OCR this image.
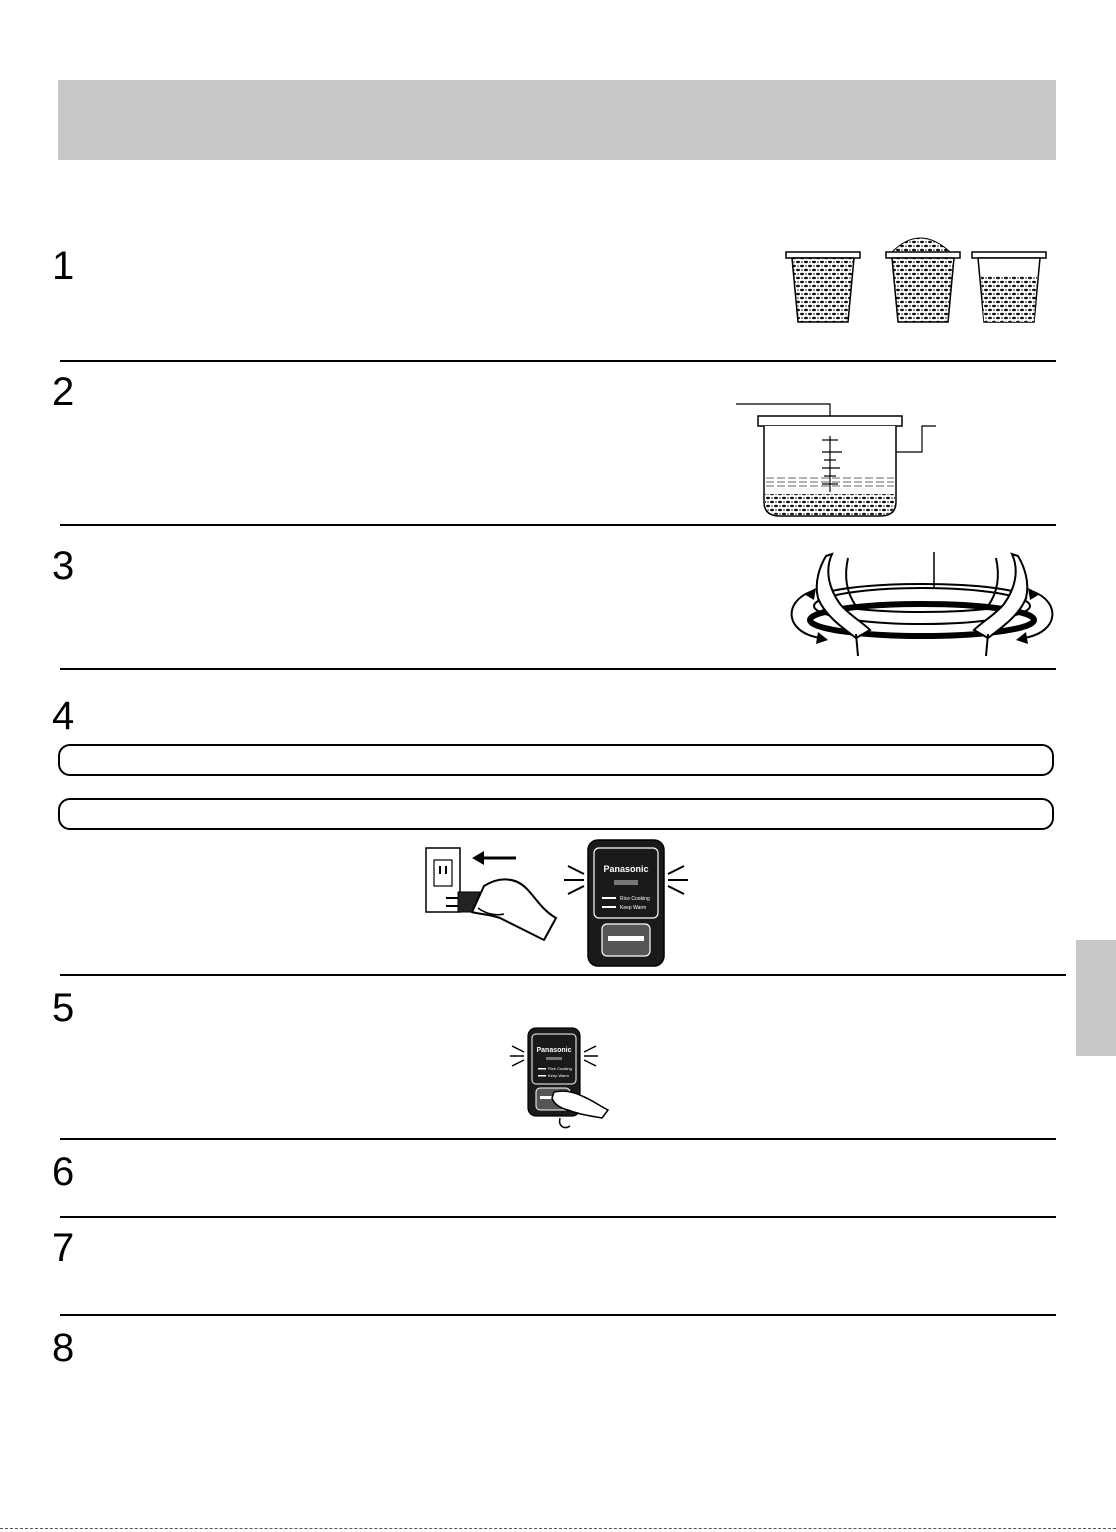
1
2
3
4
Panasonic
Rice Cooking
Keep Warm
5
Panasonic
Rice Cooking
Keep Warm
6
7
8
